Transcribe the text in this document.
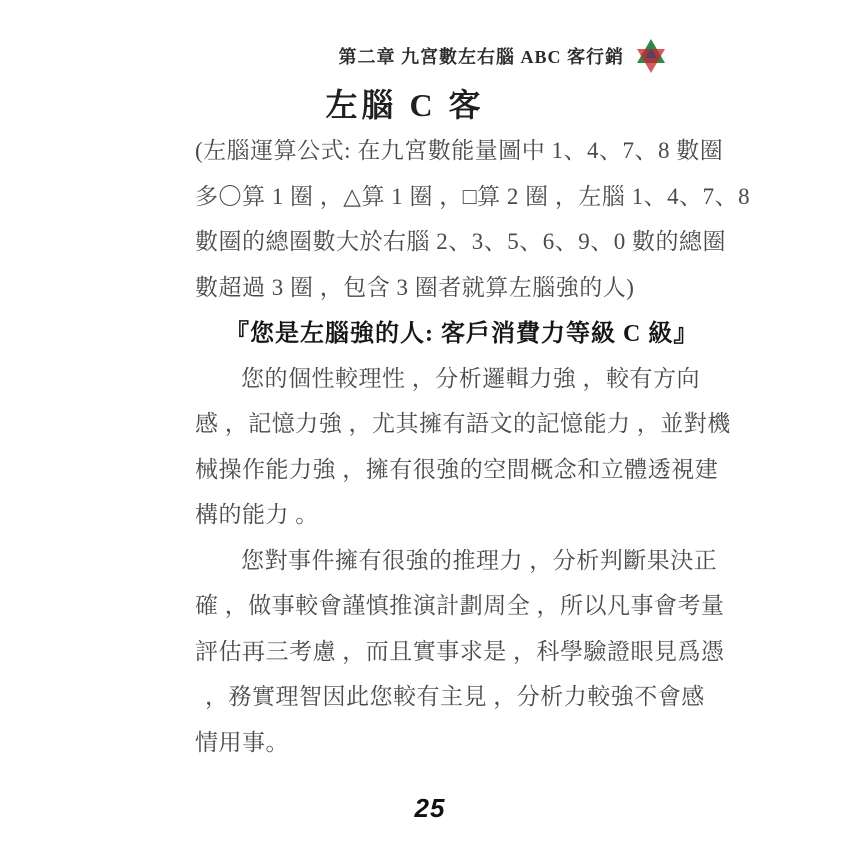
第二章 九宮數左右腦 ABC 客行銷
左腦 C 客
(左腦運算公式: 在九宮數能量圖中 1、4、7、8 數圈
多〇算 1 圈 ，△算 1 圈 ，□算 2 圈 ，左腦 1、4、7、8
數圈的總圈數大於右腦 2、3、5、6、9、0 數的總圈
數超過 3 圈 ，包含 3 圈者就算左腦強的人)
『您是左腦強的人: 客戶消費力等級 C 級』
您的個性較理性 ，分析邏輯力強 ，較有方向
感 ，記憶力強 ，尤其擁有語文的記憶能力 ，並對機
械操作能力強 ，擁有很強的空間概念和立體透視建
構的能力 。
您對事件擁有很強的推理力 ，分析判斷果決正
確 ，做事較會謹慎推演計劃周全 ，所以凡事會考量
評估再三考慮 ，而且實事求是 ，科學驗證眼見爲憑
，務實理智因此您較有主見 ，分析力較強不會感
情用事。
25
